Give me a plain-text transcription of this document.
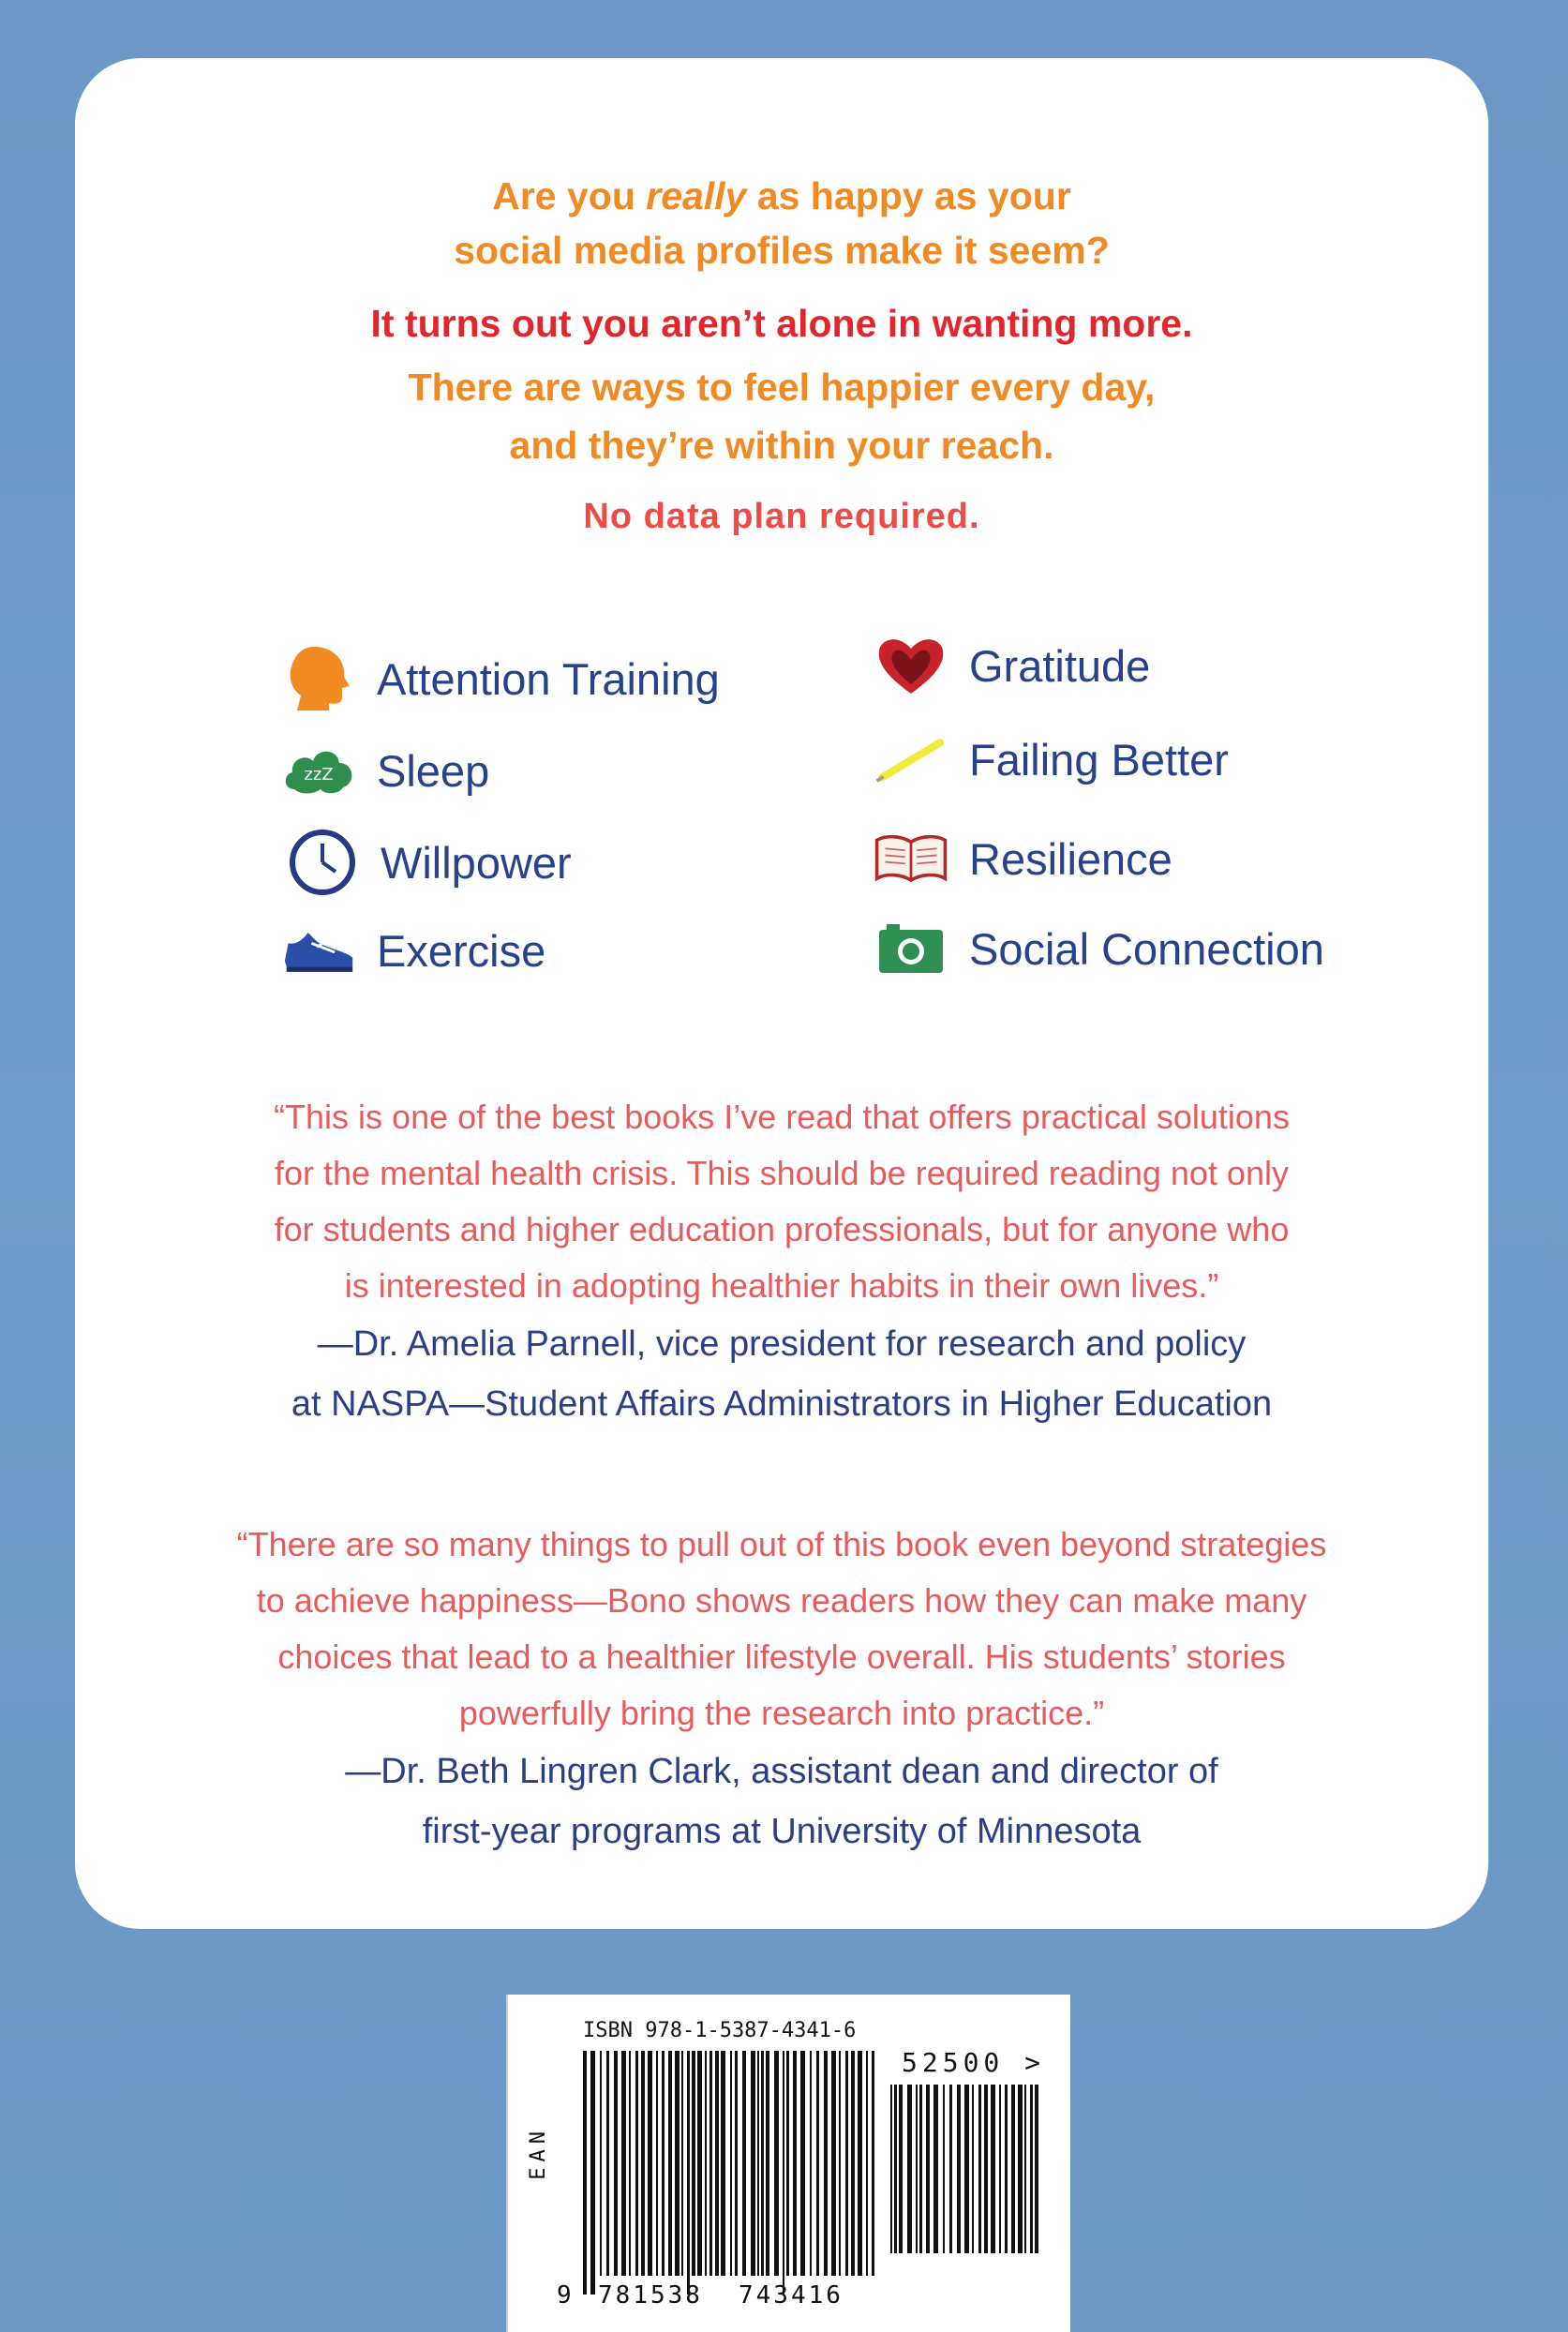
Are you really as happy as your
social media profiles make it seem?
It turns out you aren’t alone in wanting more.
There are ways to feel happier every day,
and they’re within your reach.
No data plan required.
Attention Training
zzZ Sleep
Willpower
Exercise
Gratitude
Failing Better
Resilience
Social Connection
“This is one of the best books I’ve read that offers practical solutions
for the mental health crisis. This should be required reading not only
for students and higher education professionals, but for anyone who
is interested in adopting healthier habits in their own lives.”
—Dr. Amelia Parnell, vice president for research and policy
at NASPA—Student Affairs Administrators in Higher Education
“There are so many things to pull out of this book even beyond strategies
to achieve happiness—Bono shows readers how they can make many
choices that lead to a healthier lifestyle overall. His students’ stories
powerfully bring the research into practice.”
—Dr. Beth Lingren Clark, assistant dean and director of
first-year programs at University of Minnesota
ISBN 978-1-5387-4341-6
EAN
9 781538 743416
52500 >
